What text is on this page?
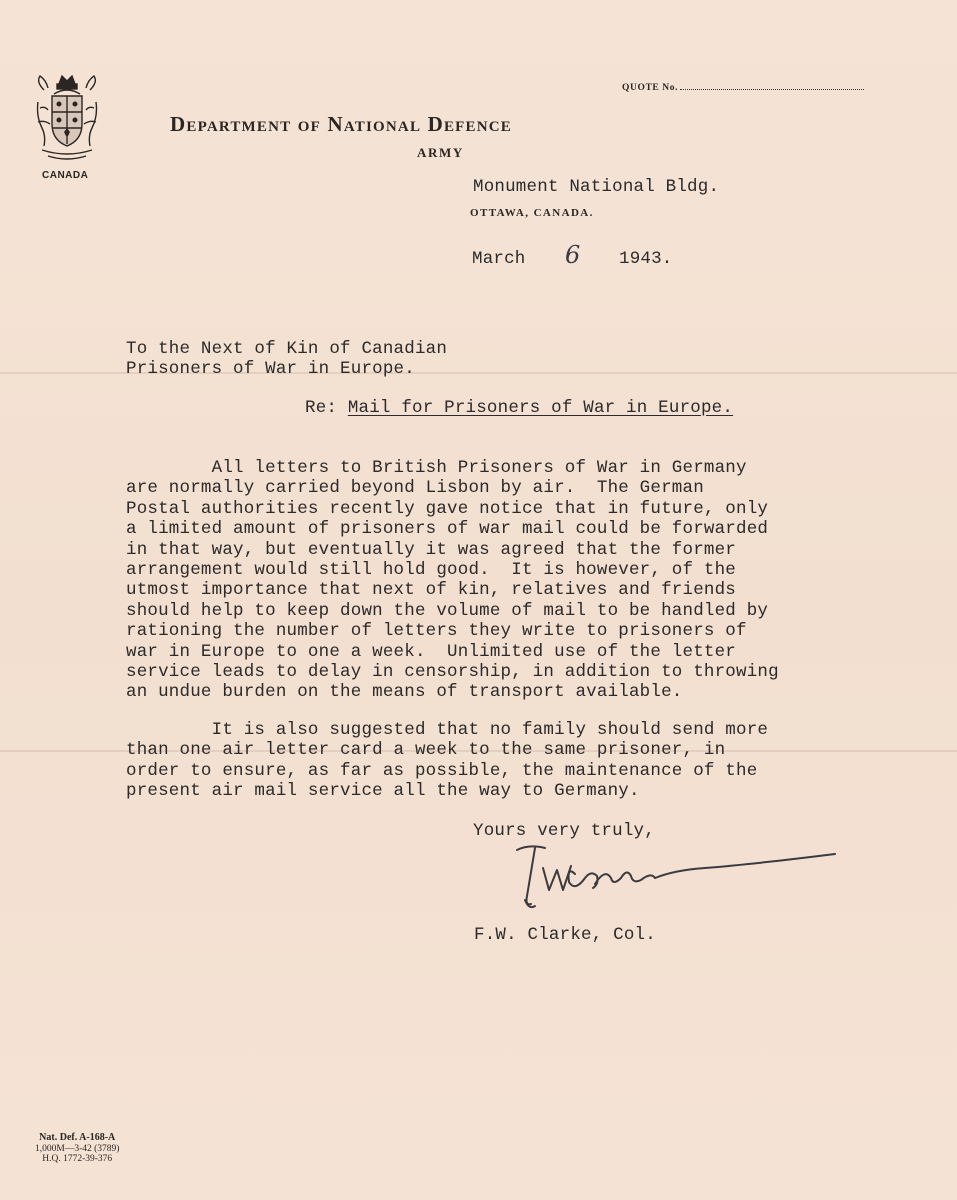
CANADA
QUOTE No.
Department of National Defence
ARMY
Monument National Bldg.
OTTAWA, CANADA.
March 6 1943.
To the Next of Kin of Canadian
Prisoners of War in Europe.
Re: Mail for Prisoners of War in Europe.
All letters to British Prisoners of War in Germany
are normally carried beyond Lisbon by air.  The German
Postal authorities recently gave notice that in future, only
a limited amount of prisoners of war mail could be forwarded
in that way, but eventually it was agreed that the former
arrangement would still hold good.  It is however, of the
utmost importance that next of kin, relatives and friends
should help to keep down the volume of mail to be handled by
rationing the number of letters they write to prisoners of
war in Europe to one a week.  Unlimited use of the letter
service leads to delay in censorship, in addition to throwing
an undue burden on the means of transport available.
It is also suggested that no family should send more
than one air letter card a week to the same prisoner, in
order to ensure, as far as possible, the maintenance of the
present air mail service all the way to Germany.
Yours very truly,
F.W. Clarke, Col.
Nat. Def. A-168-A
1,000M—3-42 (3789)
H.Q. 1772-39-376
